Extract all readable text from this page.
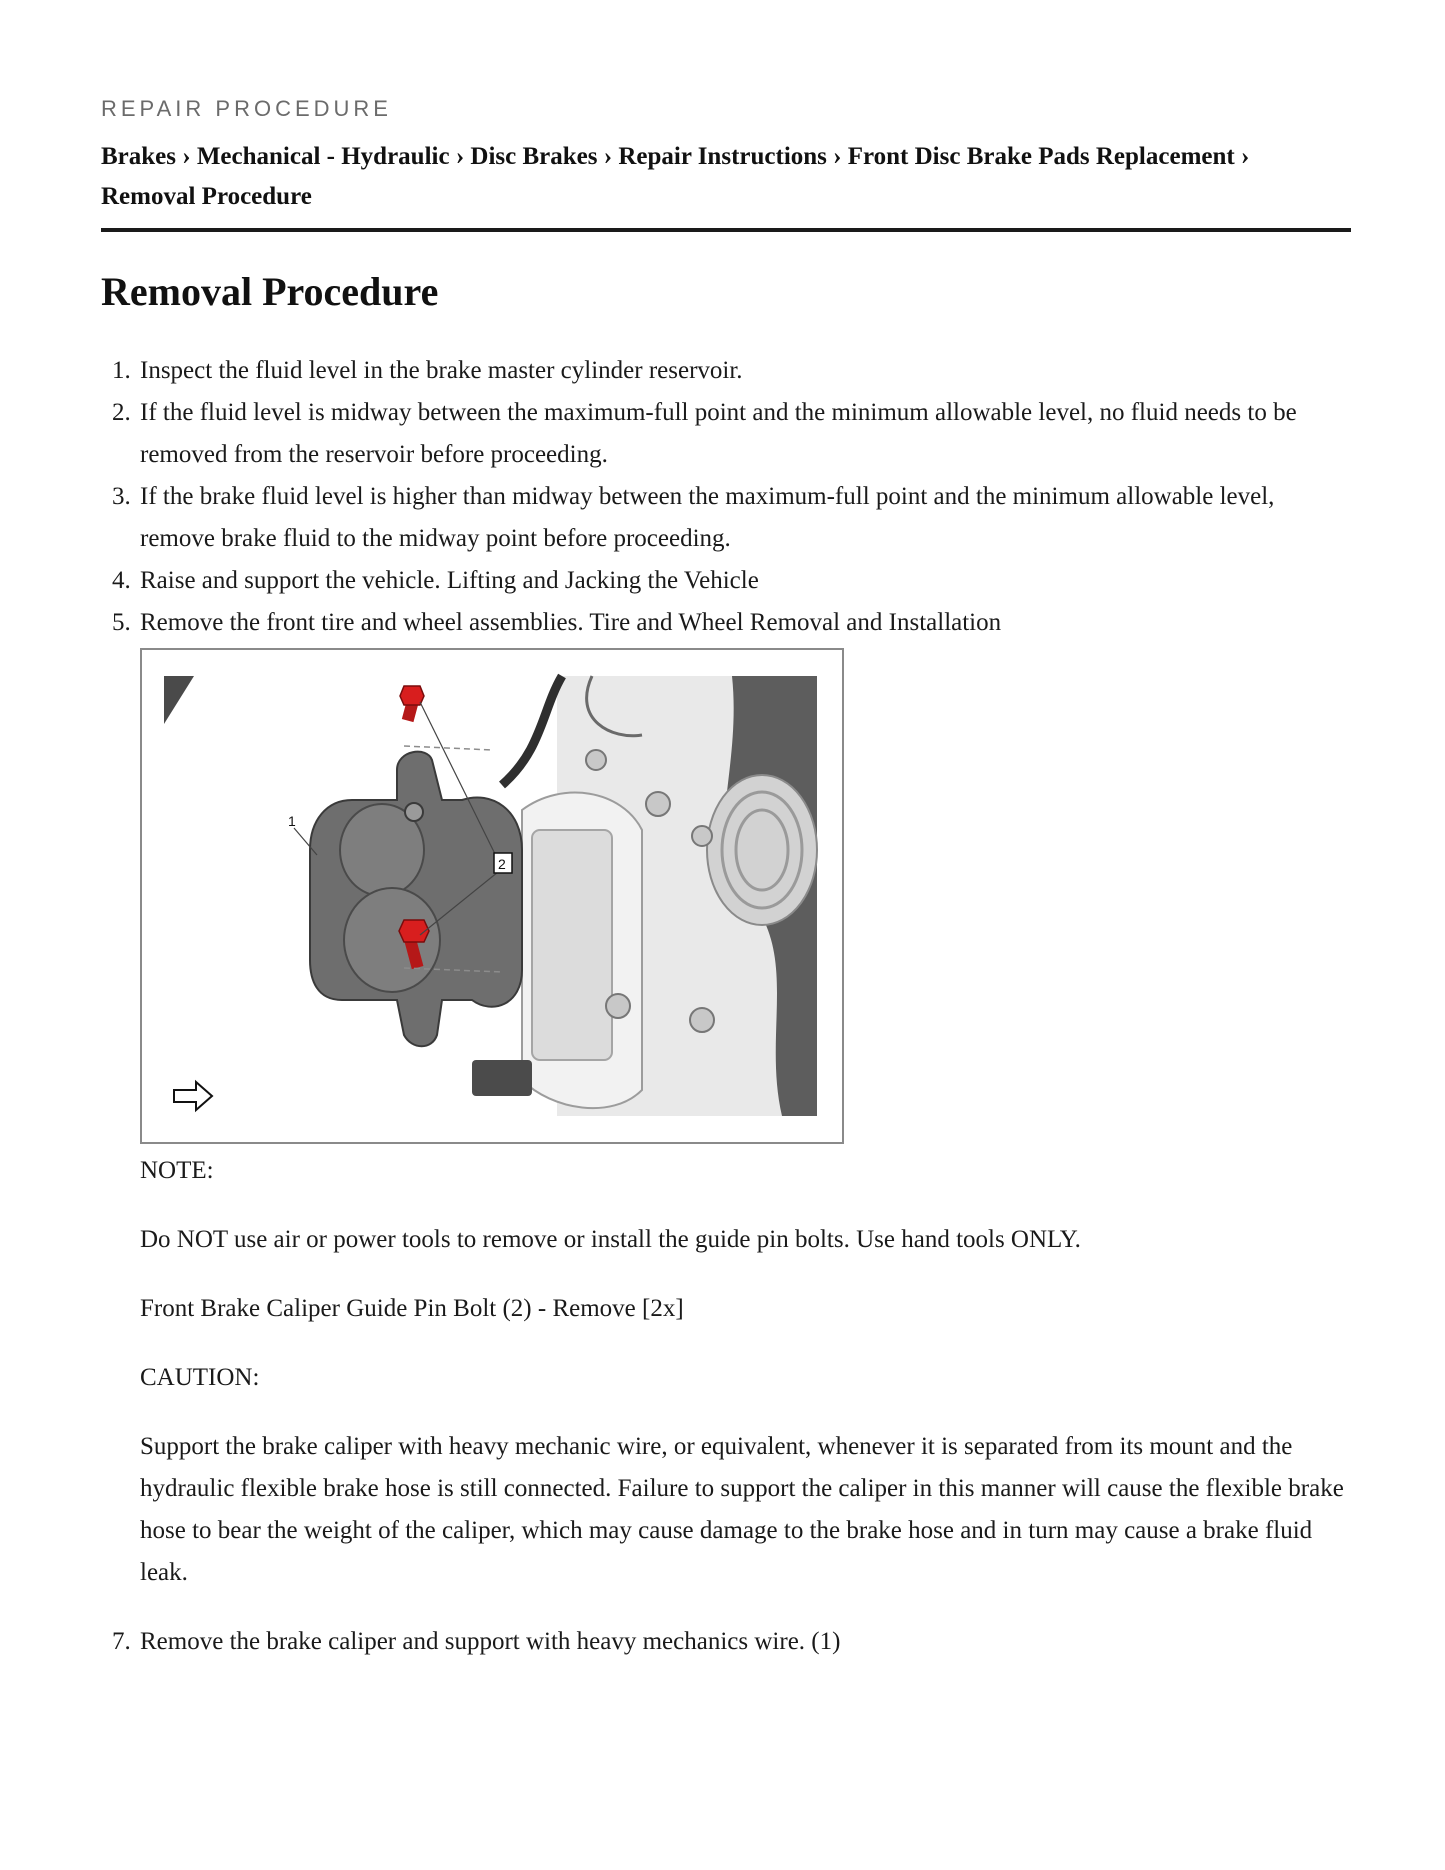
REPAIR PROCEDURE
Brakes › Mechanical - Hydraulic › Disc Brakes › Repair Instructions › Front Disc Brake Pads Replacement ›
Removal Procedure
Removal Procedure
1. Inspect the fluid level in the brake master cylinder reservoir.
2. If the fluid level is midway between the maximum-full point and the minimum allowable level, no fluid needs to be removed from the reservoir before proceeding.
3. If the brake fluid level is higher than midway between the maximum-full point and the minimum allowable level, remove brake fluid to the midway point before proceeding.
4. Raise and support the vehicle. Lifting and Jacking the Vehicle
5. Remove the front tire and wheel assemblies. Tire and Wheel Removal and Installation
1
2

NOTE:

Do NOT use air or power tools to remove or install the guide pin bolts. Use hand tools ONLY.

Front Brake Caliper Guide Pin Bolt (2) - Remove [2x]

CAUTION:

Support the brake caliper with heavy mechanic wire, or equivalent, whenever it is separated from its mount and the hydraulic flexible brake hose is still connected. Failure to support the caliper in this manner will cause the flexible brake hose to bear the weight of the caliper, which may cause damage to the brake hose and in turn may cause a brake fluid leak.

7. Remove the brake caliper and support with heavy mechanics wire. (1)
